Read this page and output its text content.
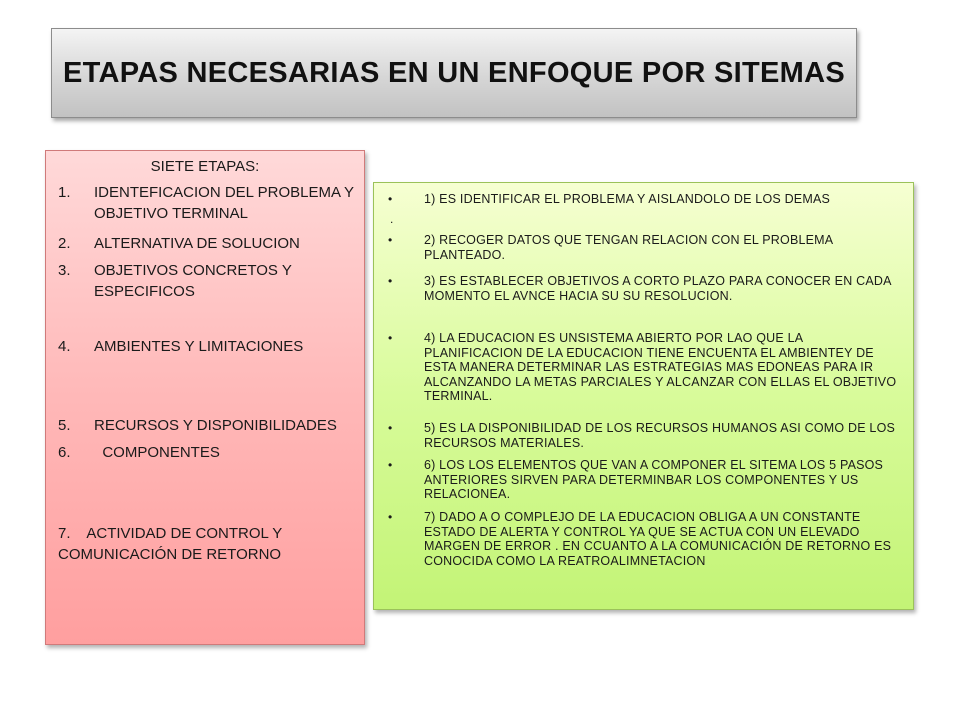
ETAPAS NECESARIAS EN UN ENFOQUE POR SITEMAS
SIETE ETAPAS:
1.	IDENTEFICACION DEL PROBLEMA Y OBJETIVO TERMINAL
2.	ALTERNATIVA DE SOLUCION
3.	OBJETIVOS CONCRETOS Y ESPECIFICOS
4.	AMBIENTES Y LIMITACIONES
5.	RECURSOS Y DISPONIBILIDADES
6.	COMPONENTES
7.    ACTIVIDAD DE CONTROL Y COMUNICACIÓN DE RETORNO
•	1) ES IDENTIFICAR EL PROBLEMA Y AISLANDOLO DE LOS DEMAS
.
•	2) RECOGER DATOS QUE TENGAN RELACION CON EL PROBLEMA PLANTEADO.
•	3) ES ESTABLECER OBJETIVOS A CORTO PLAZO PARA CONOCER EN CADA MOMENTO EL AVNCE HACIA SU SU RESOLUCION.
•	4) LA EDUCACION ES UNSISTEMA ABIERTO POR LAO QUE LA PLANIFICACION DE LA EDUCACION TIENE ENCUENTA EL AMBIENTEY DE ESTA MANERA DETERMINAR LAS ESTRATEGIAS MAS EDONEAS PARA IR ALCANZANDO LA METAS PARCIALES Y ALCANZAR CON ELLAS EL OBJETIVO TERMINAL.
•	5) ES LA DISPONIBILIDAD DE LOS RECURSOS HUMANOS ASI COMO DE LOS RECURSOS MATERIALES.
•	6) LOS LOS ELEMENTOS QUE VAN A COMPONER EL SITEMA LOS 5 PASOS ANTERIORES SIRVEN PARA DETERMINBAR LOS COMPONENTES Y US RELACIONEA.
•	7) DADO A O COMPLEJO DE LA EDUCACION OBLIGA A UN CONSTANTE ESTADO DE ALERTA Y CONTROL YA QUE SE ACTUA CON UN ELEVADO MARGEN DE ERROR . EN CCUANTO A LA COMUNICACIÓN DE RETORNO ES CONOCIDA COMO LA REATROALIMNETACION
